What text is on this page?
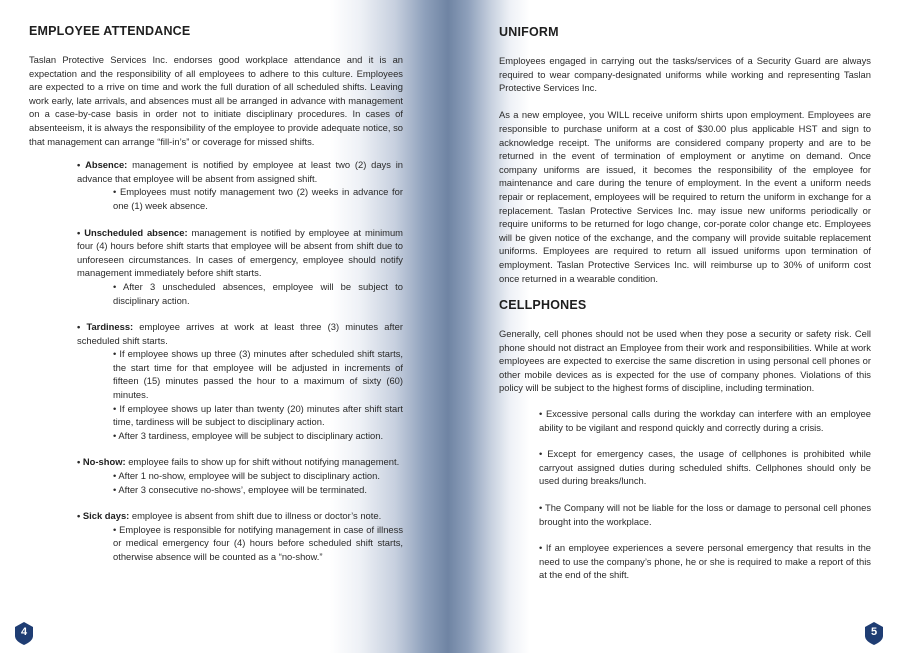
EMPLOYEE ATTENDANCE

Taslan Protective Services Inc. endorses good workplace attendance and it is an expectation and the responsibility of all employees to adhere to this culture. Employees are expected to a rrive on time and work the full duration of all scheduled shifts. Leaving work early, late arrivals, and absences must all be arranged in advance with management on a case-by-case basis in order not to initiate disciplinary procedures. In cases of absenteeism, it is always the responsibility of the employee to provide adequate notice, so that management can arrange “fill-in’s” or coverage for missed shifts.

• Absence: management is notified by employee at least two (2) days in advance that employee will be absent from assigned shift.

• Employees must notify management two (2) weeks in advance for one (1) week absence.

• Unscheduled absence: management is notified by employee at minimum four (4) hours before shift starts that employee will be absent from shift due to unforeseen circumstances. In cases of emergency, employee should notify management immediately before shift starts.

• After 3 unscheduled absences, employee will be subject to disciplinary action.

• Tardiness: employee arrives at work at least three (3) minutes after scheduled shift starts.

• If employee shows up three (3) minutes after scheduled shift starts, the start time for that employee will be adjusted in increments of fifteen (15) minutes passed the hour to a maximum of sixty (60) minutes.

• If employee shows up later than twenty (20) minutes after shift start time, tardiness will be subject to disciplinary action.

• After 3 tardiness, employee will be subject to disciplinary action.

• No-show: employee fails to show up for shift without notifying management.

• After 1 no-show, employee will be subject to disciplinary action.

• After 3 consecutive no-shows’, employee will be terminated.

• Sick days: employee is absent from shift due to illness or doctor’s note.

• Employee is responsible for notifying management in case of illness or medical emergency four (4) hours before scheduled shift starts, otherwise absence will be counted as a “no-show.”

4
UNIFORM

Employees engaged in carrying out the tasks/services of a Security Guard are always required to wear company-designated uniforms while working and representing Taslan Protective Services Inc.

As a new employee, you WILL receive uniform shirts upon employment. Employees are responsible to purchase uniform at a cost of $30.00 plus applicable HST and sign to acknowledge receipt. The uniforms are considered company property and are to be returned in the event of termination of employment or anytime on demand. Once company uniforms are issued, it becomes the responsibility of the employee for maintenance and care during the tenure of employment. In the event a uniform needs repair or replacement, employees will be required to return the uniform in exchange for a replacement. Taslan Protective Services Inc. may issue new uniforms periodically or require uniforms to be returned for logo change, cor-porate color change etc. Employees will be given notice of the exchange, and the company will provide suitable replacement uniforms. Employees are required to return all issued uniforms upon termination of employment. Taslan Protective Services Inc. will reimburse up to 30% of uniform cost once returned in a wearable condition.

CELLPHONES

Generally, cell phones should not be used when they pose a security or safety risk. Cell phone should not distract an Employee from their work and responsibilities. While at work employees are expected to exercise the same discretion in using personal cell phones or other mobile devices as is expected for the use of company phones. Violations of this policy will be subject to the highest forms of discipline, including termination.

• Excessive personal calls during the workday can interfere with an employee ability to be vigilant and respond quickly and correctly during a crisis.

• Except for emergency cases, the usage of cellphones is prohibited while carryout assigned duties during scheduled shifts. Cellphones should only be used during breaks/lunch.

• The Company will not be liable for the loss or damage to personal cell phones brought into the workplace.

• If an employee experiences a severe personal emergency that results in the need to use the company’s phone, he or she is required to make a report of this at the end of the shift.

5
